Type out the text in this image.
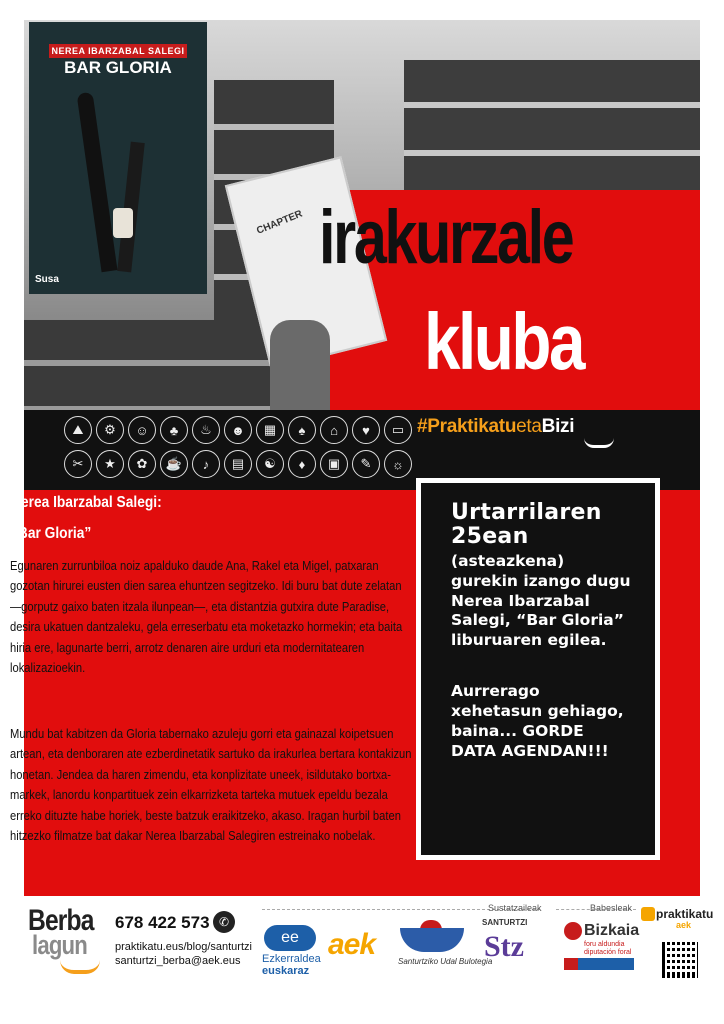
CHAPTER irakurzale
kluba
NEREA IBARZABAL SALEGI
BAR GLORIA
Susa
⛰	⚙	☺	♣	♨	☻	▦	♠	⌂	♥	▭
✂	★	✿	☕	♪	▤	☯	♦	▣	✎	☼
#PraktikatuetaBizi
Nerea Ibarzabal Salegi:
“Bar Gloria”

Egunaren zurrunbiloa noiz apalduko daude Ana, Rakel eta Migel, patxaran gozotan hirurei eusten dien sarea ehuntzen segitzeko. Idi buru bat dute zelatan —gorputz gaixo baten itzala ilunpean—, eta distantzia gutxira dute Paradise, desira ukatuen dantzaleku, gela erreserbatu eta moketazko hormekin; eta baita hiria ere, lagunarte berri, arrotz denaren aire urduri eta modernitatearen lokalizazioekin.

Mundu bat kabitzen da Gloria tabernako azuleju gorri eta gainazal koipetsuen artean, eta denboraren ate ezberdinetatik sartuko da irakurlea bertara kontakizun honetan. Jendea da haren zimendu, eta konplizitate uneek, isildutako bortxa-markek, lanordu konpartituek zein elkarrizketa tarteka mutuek epeldu bezala erreko dituzte habe horiek, beste batzuk eraikitzeko, akaso. Iragan hurbil baten hitzezko filmatze bat dakar Nerea Ibarzabal Salegiren estreinako nobelak.

Urtarrilaren
25ean
(asteazkena) gurekin izango dugu Nerea Ibarzabal Salegi, “Bar Gloria” liburuaren egilea.
Aurrerago xehetasun gehiago, baina... GORDE DATA AGENDAN!!!
Berba
lagun
678 422 573 ✆
praktikatu.eus/blog/santurtzi
santurtzi_berba@aek.eus
Sustatzaileak	Babesleak
ee
Ezkerraldea
euskaraz
aek
Santurtziko Udal Bulotegia
SANTURTZI
Stz	Bizkaia
foru aldundia diputación foral
praktikatu
aek
